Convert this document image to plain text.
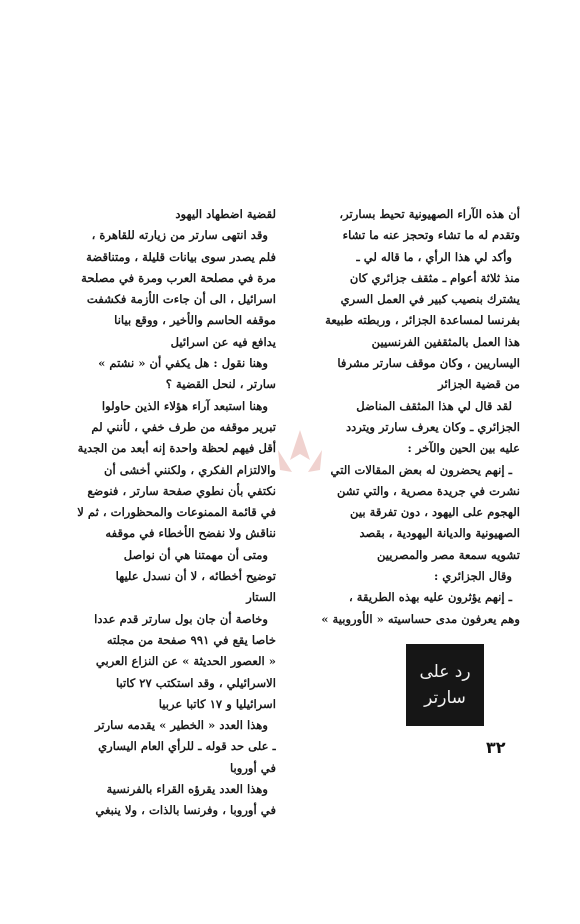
أن هذه الآراء الصهيونية تحيط بسارتر،
وتقدم له ما تشاء وتحجز عنه ما تشاء
وأكد لي هذا الرأي ، ما قاله لي ـ
منذ ثلاثة أعوام ـ مثقف جزائري كان
يشترك بنصيب كبير في العمل السري
بفرنسا لمساعدة الجزائر ، وربطته طبيعة
هذا العمل بالمثقفين الفرنسيين
اليساريين ، وكان موقف سارتر مشرفا
من قضية الجزائر
لقد قال لي هذا المثقف المناضل
الجزائري ـ وكان يعرف سارتر ويتردد
عليه بين الحين والآخر :
ـ إنهم يحضرون له بعض المقالات التي
نشرت في جريدة مصرية ، والتي تشن
الهجوم على اليهود ، دون تفرقة بين
الصهيونية والديانة اليهودية ، بقصد
تشويه سمعة مصر والمصريين
وقال الجزائري :
ـ إنهم يؤثرون عليه بهذه الطريقة ،
وهم يعرفون مدى حساسيته « الأوروبية »
لقضية اضطهاد اليهود
وقد انتهى سارتر من زيارته للقاهرة ،
فلم يصدر سوى بيانات قليلة ، ومتناقضة
مرة في مصلحة العرب ومرة في مصلحة
اسرائيل ، الى أن جاءت الأزمة فكشفت
موقفه الحاسم والأخير ، ووقع بيانا
يدافع فيه عن اسرائيل
وهنا نقول : هل يكفي أن « نشتم »
سارتر ، لنحل القضية ؟
وهنا استبعد آراء هؤلاء الذين حاولوا
تبرير موقفه من طرف خفي ، لأنني لم
أقل فيهم لحظة واحدة إنه أبعد من الجدية
والالتزام الفكري ، ولكنني أخشى أن
نكتفي بأن نطوي صفحة سارتر ، فنوضع
في قائمة الممنوعات والمحظورات ، ثم لا
نناقش ولا نفضح الأخطاء في موقفه
ومتى أن مهمتنا هي أن نواصل
توضيح أخطائه ، لا أن نسدل عليها
الستار
وخاصة أن جان بول سارتر قدم عددا
خاصا يقع في ٩٩١ صفحة من مجلته
« العصور الحديثة » عن النزاع العربي
الاسرائيلي ، وقد استكتب ٢٧ كاتبا
اسرائيليا و ١٧ كاتبا عربيا
وهذا العدد « الخطير » يقدمه سارتر
ـ على حد قوله ـ للرأي العام اليساري
في أوروبا
وهذا العدد يقرؤه القراء بالفرنسية
في أوروبا ، وفرنسا بالذات ، ولا ينبغي
رد على
سارتر
٣٢
